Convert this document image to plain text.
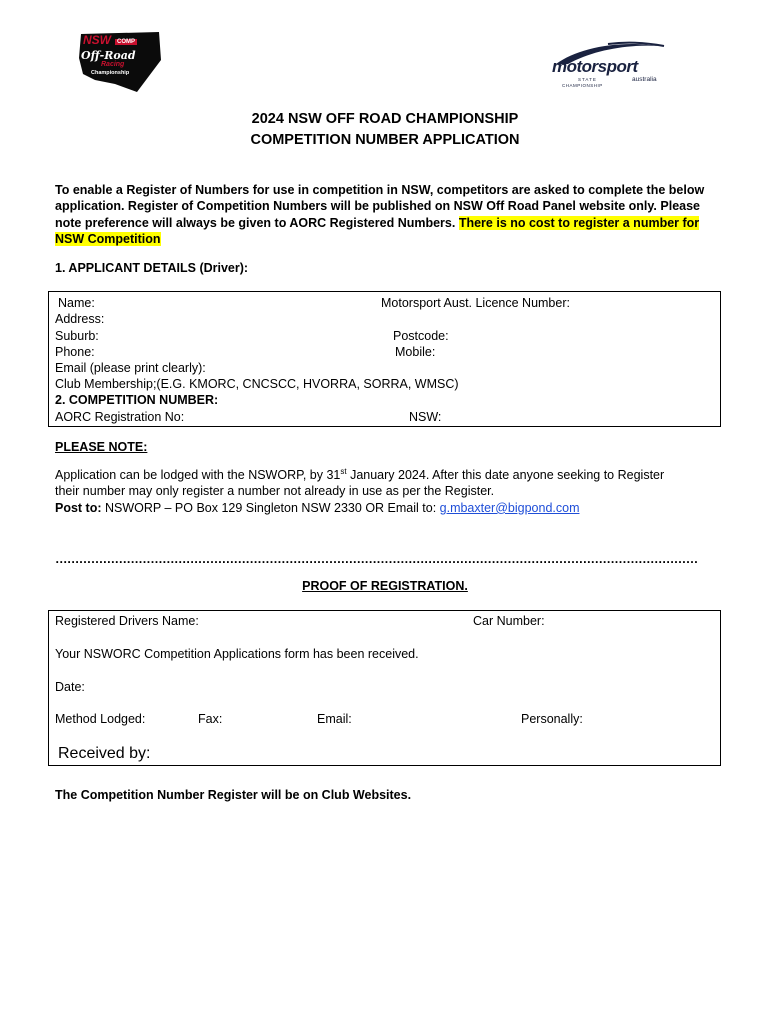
NSW	COMP
Off-Road
Racing
Championship	motorsport
australia
STATE
CHAMPIONSHIP
2024 NSW OFF ROAD CHAMPIONSHIP
COMPETITION NUMBER APPLICATION
To enable a Register of Numbers for use in competition in NSW, competitors are asked to complete the below
application. Register of Competition Numbers will be published on NSW Off Road Panel website only. Please
note preference will always be given to AORC Registered Numbers. There is no cost to register a number for
NSW Competition
1. APPLICANT DETAILS (Driver):
Name:	Motorsport Aust. Licence Number:
Address:
Suburb:	Postcode:
Phone:	Mobile:
Email (please print clearly):
Club Membership;(E.G. KMORC, CNCSCC, HVORRA, SORRA, WMSC)
2. COMPETITION NUMBER:
AORC Registration No:	NSW:
PLEASE NOTE:
Application can be lodged with the NSWORP, by 31st January 2024. After this date anyone seeking to Register
their number may only register a number not already in use as per the Register.
Post to: NSWORP – PO Box 129 Singleton NSW 2330 OR Email to: g.mbaxter@bigpond.com
………………………………………………………………………………………………………………………………………………
PROOF OF REGISTRATION.
Registered Drivers Name:	Car Number:
Your NSWORC Competition Applications form has been received.
Date:
Method Lodged:	Fax:	Email:	Personally:
Received by:
The Competition Number Register will be on Club Websites.
